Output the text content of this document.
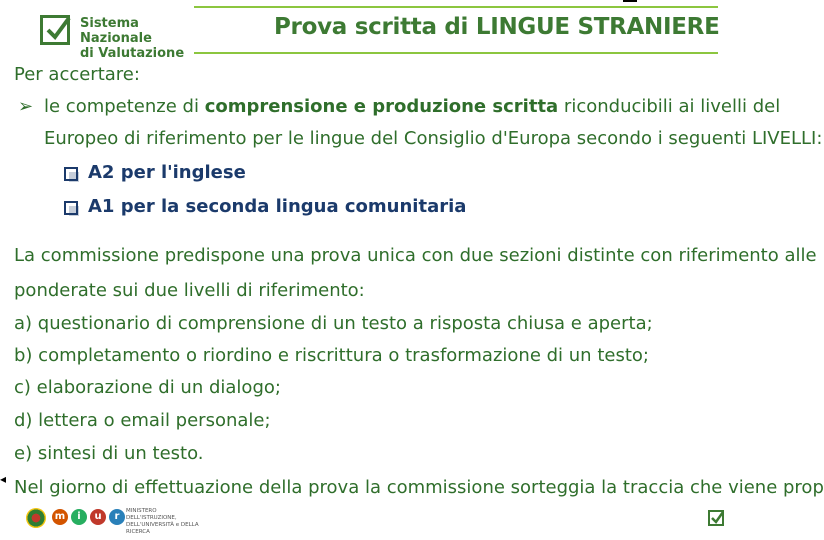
Sistema Nazionale
di Valutazione
Prova scritta di LINGUE STRANIERE
Per accertare:
➢ le competenze di comprensione e produzione scritta riconducibili ai livelli del
Europeo di riferimento per le lingue del Consiglio d'Europa secondo i seguenti LIVELLI:
A2 per l'inglese
A1 per la seconda lingua comunitaria
La commissione predispone una prova unica con due sezioni distinte con riferimento alle
ponderate sui due livelli di riferimento:
a) questionario di comprensione di un testo a risposta chiusa e aperta;
b) completamento o riordino e riscrittura o trasformazione di un testo;
c) elaborazione di un dialogo;
d) lettera o email personale;
e) sintesi di un testo.
◂ Nel giorno di effettuazione della prova la commissione sorteggia la traccia che viene prop
m	i	u	r	MINISTERO DELL'ISTRUZIONE, DELL'UNIVERSITÀ e DELLA RICERCA
